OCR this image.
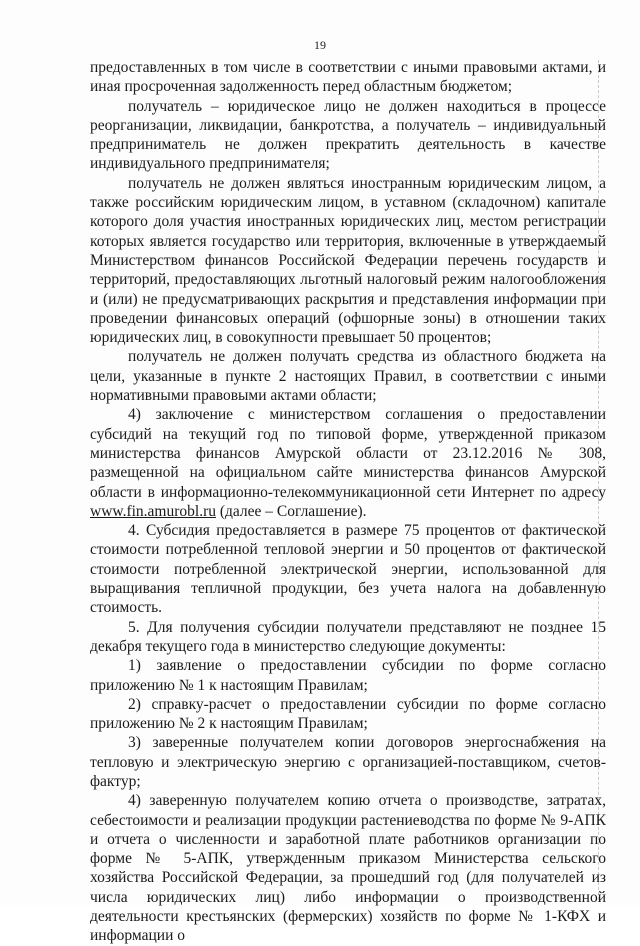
19

предоставленных в том числе в соответствии с иными правовыми актами, и иная просроченная задолженность перед областным бюджетом;

получатель – юридическое лицо не должен находиться в процессе реорганизации, ликвидации, банкротства, а получатель – индивидуальный предприниматель не должен прекратить деятельность в качестве индивидуального предпринимателя;

получатель не должен являться иностранным юридическим лицом, а также российским юридическим лицом, в уставном (складочном) капитале которого доля участия иностранных юридических лиц, местом регистрации которых является государство или территория, включенные в утверждаемый Министерством финансов Российской Федерации перечень государств и территорий, предоставляющих льготный налоговый режим налогообложения и (или) не предусматривающих раскрытия и представления информации при проведении финансовых операций (офшорные зоны) в отношении таких юридических лиц, в совокупности превышает 50 процентов;

получатель не должен получать средства из областного бюджета на цели, указанные в пункте 2 настоящих Правил, в соответствии с иными нормативными правовыми актами области;

4) заключение с министерством соглашения о предоставлении субсидий на текущий год по типовой форме, утвержденной приказом министерства финансов Амурской области от 23.12.2016 № 308, размещенной на официальном сайте министерства финансов Амурской области в информационно-телекоммуникационной сети Интернет по адресу www.fin.amurobl.ru (далее – Соглашение).

4. Субсидия предоставляется в размере 75 процентов от фактической стоимости потребленной тепловой энергии и 50 процентов от фактической стоимости потребленной электрической энергии, использованной для выращивания тепличной продукции, без учета налога на добавленную стоимость.

5. Для получения субсидии получатели представляют не позднее 15 декабря текущего года в министерство следующие документы:

1) заявление о предоставлении субсидии по форме согласно приложению № 1 к настоящим Правилам;

2) справку-расчет о предоставлении субсидии по форме согласно приложению № 2 к настоящим Правилам;

3) заверенные получателем копии договоров энергоснабжения на тепловую и электрическую энергию с организацией-поставщиком, счетов-фактур;

4) заверенную получателем копию отчета о производстве, затратах, себестоимости и реализации продукции растениеводства по форме № 9-АПК и отчета о численности и заработной плате работников организации по форме № 5-АПК, утвержденным приказом Министерства сельского хозяйства Российской Федерации, за прошедший год (для получателей из числа юридических лиц) либо информации о производственной деятельности крестьянских (фермерских) хозяйств по форме № 1-КФХ и информации о
